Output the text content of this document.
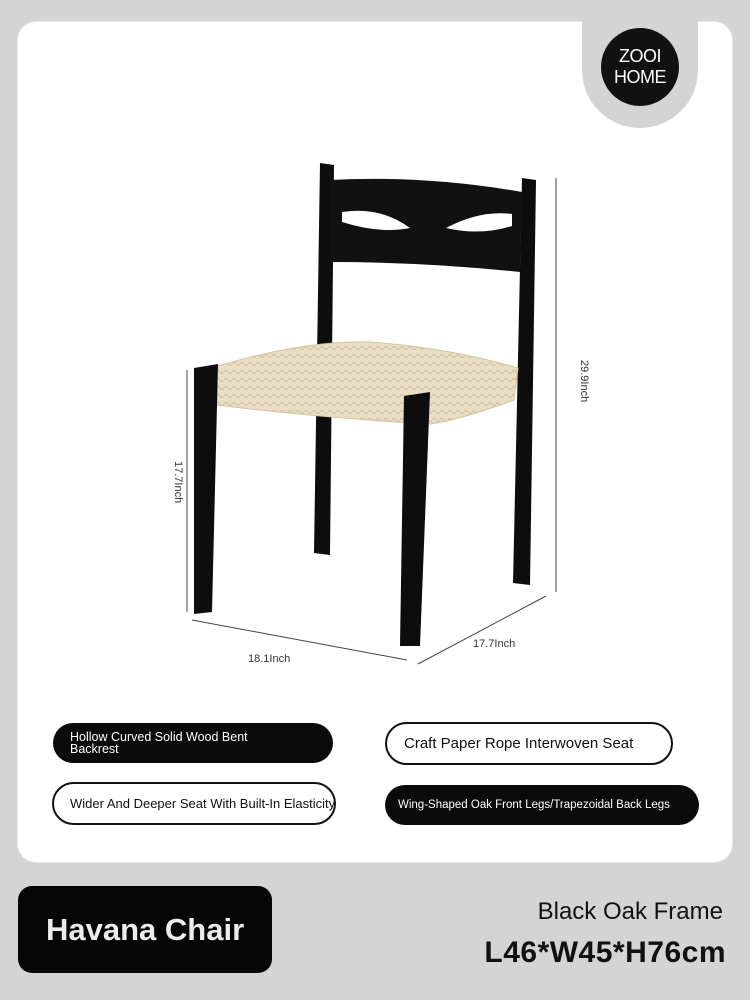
ZOOI
HOME
29.9Inch
17.7Inch
18.1Inch
17.7Inch
Hollow Curved Solid Wood Bent Backrest	Craft Paper Rope Interwoven Seat
Wider And Deeper Seat With Built-In Elasticity	Wing-Shaped Oak Front Legs/Trapezoidal Back Legs
Havana Chair	Black Oak Frame
L46*W45*H76cm
